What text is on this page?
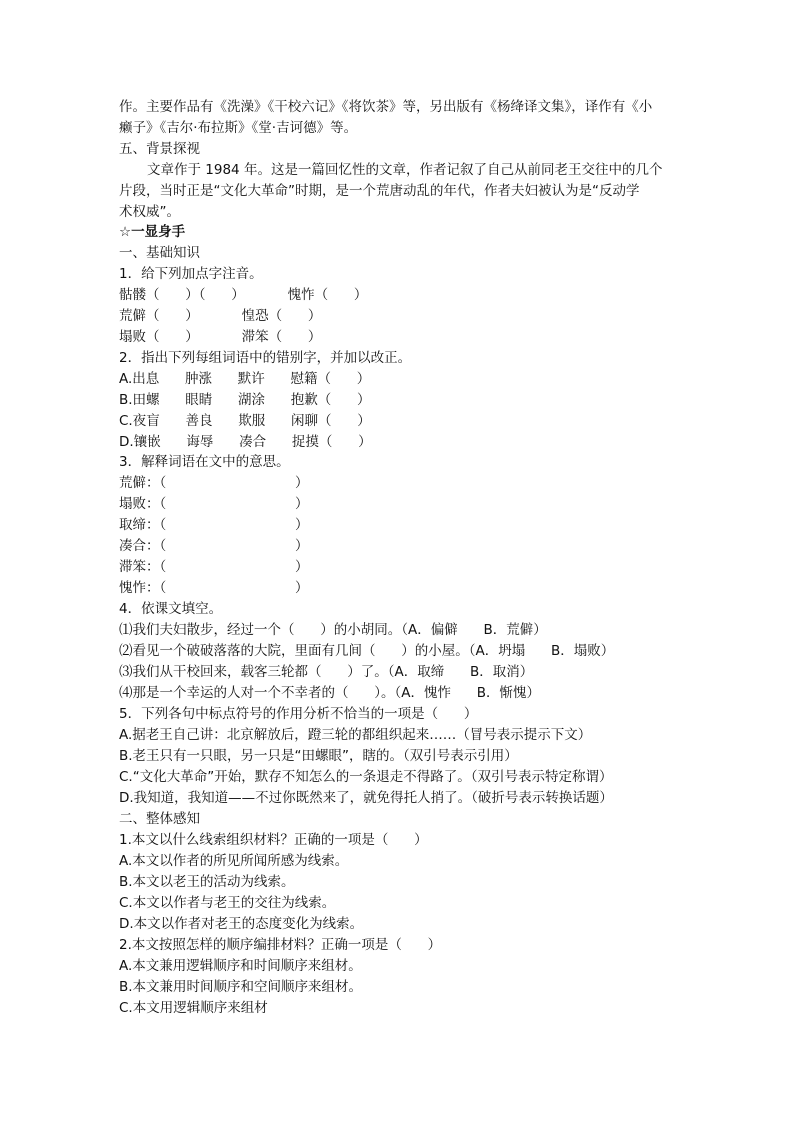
作。主要作品有《洗澡》《干校六记》《将饮茶》等，另出版有《杨绛译文集》，译作有《小
癞子》《吉尔·布拉斯》《堂·吉诃德》等。
五、背景探视
文章作于 1984 年。这是一篇回忆性的文章，作者记叙了自己从前同老王交往中的几个
片段，当时正是“文化大革命”时期，是一个荒唐动乱的年代，作者夫妇被认为是“反动学
术权威”。
☆一显身手
一、基础知识
1．给下列加点字注音。
骷髅（      ）（      ）          愧怍（      ）
荒僻（      ）          惶恐（      ）
塌败（      ）          滞笨（      ）
2．指出下列每组词语中的错别字，并加以改正。
A.出息      肿涨      默许      慰籍（      ）
B.田螺      眼睛      湖涂      抱歉（      ）
C.夜盲      善良      欺服      闲聊（      ）
D.镶嵌      诲辱      凑合      捉摸（      ）
3．解释词语在文中的意思。
荒僻：（                              ）
塌败：（                              ）
取缔：（                              ）
凑合：（                              ）
滞笨：（                              ）
愧怍：（                              ）
4．依课文填空。
⑴我们夫妇散步，经过一个（      ）的小胡同。（A．偏僻      B．荒僻）
⑵看见一个破破落落的大院，里面有几间（      ）的小屋。（A．坍塌      B．塌败）
⑶我们从干校回来，载客三轮都（      ）了。（A．取缔      B．取消）
⑷那是一个幸运的人对一个不幸者的（      ）。（A．愧怍      B．惭愧）
5．下列各句中标点符号的作用分析不恰当的一项是（      ）
A.据老王自己讲：北京解放后，蹬三轮的都组织起来……（冒号表示提示下文）
B.老王只有一只眼，另一只是“田螺眼”，瞎的。（双引号表示引用）
C.“文化大革命”开始，默存不知怎么的一条退走不得路了。（双引号表示特定称谓）
D.我知道，我知道——不过你既然来了，就免得托人捎了。（破折号表示转换话题）
二、整体感知
1.本文以什么线索组织材料？正确的一项是（      ）
A.本文以作者的所见所闻所感为线索。
B.本文以老王的活动为线索。
C.本文以作者与老王的交往为线索。
D.本文以作者对老王的态度变化为线索。
2.本文按照怎样的顺序编排材料？正确一项是（      ）
A.本文兼用逻辑顺序和时间顺序来组材。
B.本文兼用时间顺序和空间顺序来组材。
C.本文用逻辑顺序来组材
